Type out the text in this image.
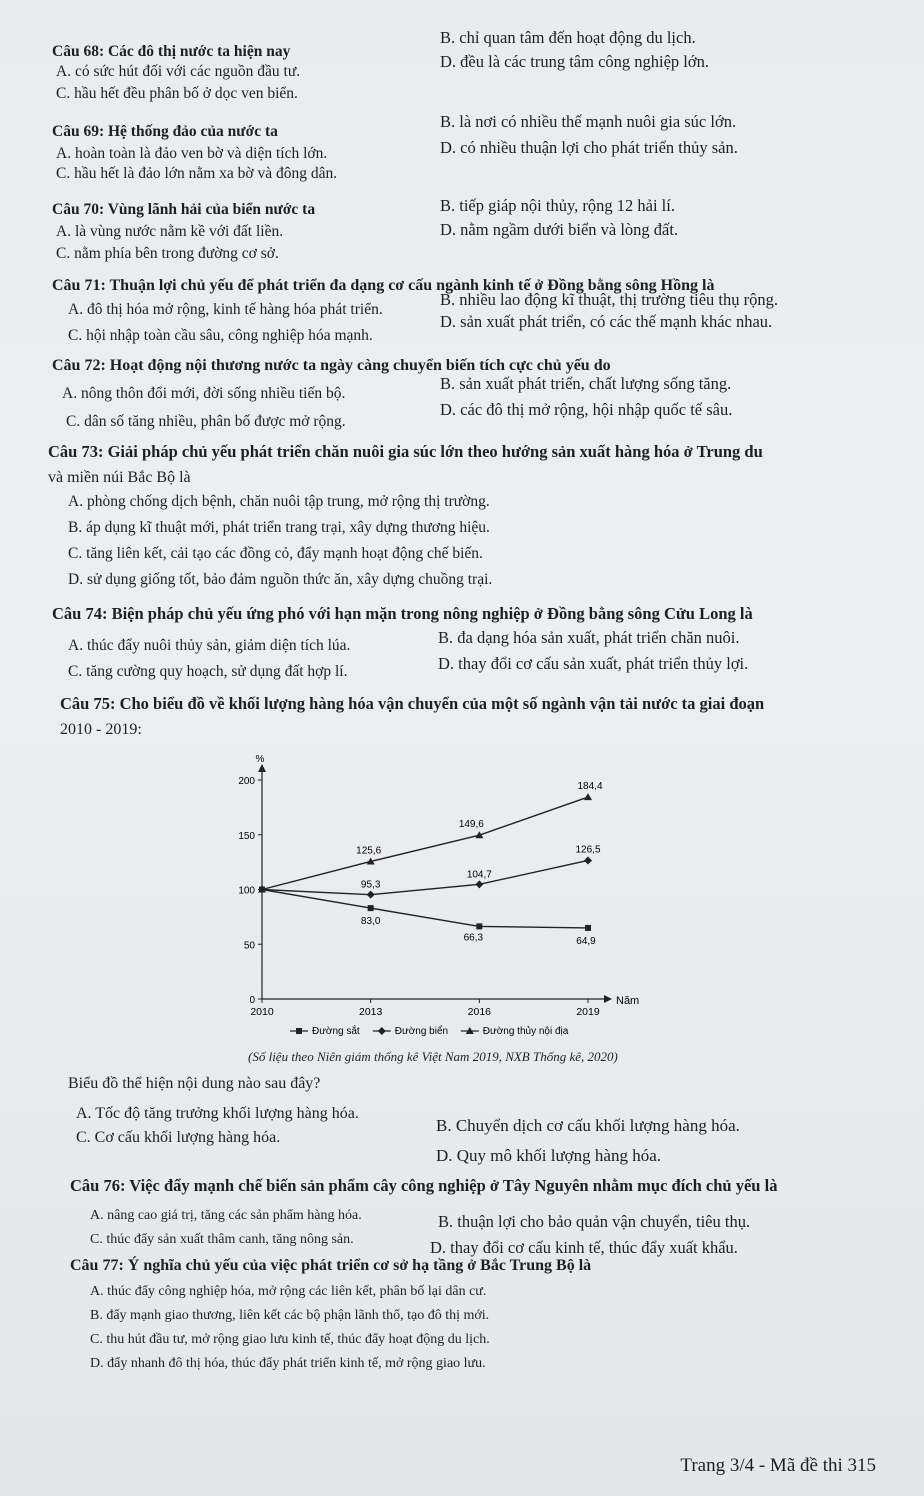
Câu 68: Các đô thị nước ta hiện nay
B. chỉ quan tâm đến hoạt động du lịch.
A. có sức hút đối với các nguồn đầu tư.
D. đều là các trung tâm công nghiệp lớn.
C. hầu hết đều phân bố ở dọc ven biển.
Câu 69: Hệ thống đảo của nước ta
B. là nơi có nhiều thế mạnh nuôi gia súc lớn.
A. hoàn toàn là đảo ven bờ và diện tích lớn.	D. có nhiều thuận lợi cho phát triển thủy sản.
C. hầu hết là đảo lớn nằm xa bờ và đông dân.
Câu 70: Vùng lãnh hải của biển nước ta	B. tiếp giáp nội thủy, rộng 12 hải lí.
A. là vùng nước nằm kề với đất liền.	D. nằm ngầm dưới biển và lòng đất.
C. nằm phía bên trong đường cơ sở.
Câu 71: Thuận lợi chủ yếu để phát triển đa dạng cơ cấu ngành kinh tế ở Đồng bằng sông Hồng là
A. đô thị hóa mở rộng, kinh tế hàng hóa phát triển.
B. nhiều lao động kĩ thuật, thị trường tiêu thụ rộng.
C. hội nhập toàn cầu sâu, công nghiệp hóa mạnh.
D. sản xuất phát triển, có các thế mạnh khác nhau.
Câu 72: Hoạt động nội thương nước ta ngày càng chuyển biến tích cực chủ yếu do
A. nông thôn đổi mới, đời sống nhiều tiến bộ.
B. sản xuất phát triển, chất lượng sống tăng.
C. dân số tăng nhiều, phân bố được mở rộng.
D. các đô thị mở rộng, hội nhập quốc tế sâu.
Câu 73: Giải pháp chủ yếu phát triển chăn nuôi gia súc lớn theo hướng sản xuất hàng hóa ở Trung du
và miền núi Bắc Bộ là
A. phòng chống dịch bệnh, chăn nuôi tập trung, mở rộng thị trường.
B. áp dụng kĩ thuật mới, phát triển trang trại, xây dựng thương hiệu.
C. tăng liên kết, cải tạo các đồng cỏ, đẩy mạnh hoạt động chế biến.
D. sử dụng giống tốt, bảo đảm nguồn thức ăn, xây dựng chuồng trại.
Câu 74: Biện pháp chủ yếu ứng phó với hạn mặn trong nông nghiệp ở Đồng bằng sông Cửu Long là
A. thúc đẩy nuôi thủy sản, giảm diện tích lúa.	B. đa dạng hóa sản xuất, phát triển chăn nuôi.
C. tăng cường quy hoạch, sử dụng đất hợp lí.	D. thay đổi cơ cấu sản xuất, phát triển thủy lợi.
Câu 75: Cho biểu đồ về khối lượng hàng hóa vận chuyển của một số ngành vận tải nước ta giai đoạn
2010 - 2019:
%
Năm
0
50
100
150
200
2010	2013	2016	2019
83,0
66,3	64,9
95,3
104,7
126,5
125,6
149,6
184,4
Đường sắt	Đường biển	Đường thủy nội địa
(Số liệu theo Niên giám thống kê Việt Nam 2019, NXB Thống kê, 2020)
Biểu đồ thể hiện nội dung nào sau đây?
A. Tốc độ tăng trưởng khối lượng hàng hóa.
B. Chuyển dịch cơ cấu khối lượng hàng hóa.
C. Cơ cấu khối lượng hàng hóa.
D. Quy mô khối lượng hàng hóa.
Câu 76: Việc đẩy mạnh chế biến sản phẩm cây công nghiệp ở Tây Nguyên nhằm mục đích chủ yếu là
A. nâng cao giá trị, tăng các sản phẩm hàng hóa.	B. thuận lợi cho bảo quản vận chuyển, tiêu thụ.
C. thúc đẩy sản xuất thâm canh, tăng nông sản.	D. thay đổi cơ cấu kinh tế, thúc đẩy xuất khẩu.
Câu 77: Ý nghĩa chủ yếu của việc phát triển cơ sở hạ tầng ở Bắc Trung Bộ là
A. thúc đẩy công nghiệp hóa, mở rộng các liên kết, phân bố lại dân cư.
B. đẩy mạnh giao thương, liên kết các bộ phận lãnh thổ, tạo đô thị mới.
C. thu hút đầu tư, mở rộng giao lưu kinh tế, thúc đẩy hoạt động du lịch.
D. đẩy nhanh đô thị hóa, thúc đẩy phát triển kinh tế, mở rộng giao lưu.
Trang 3/4 - Mã đề thi 315
